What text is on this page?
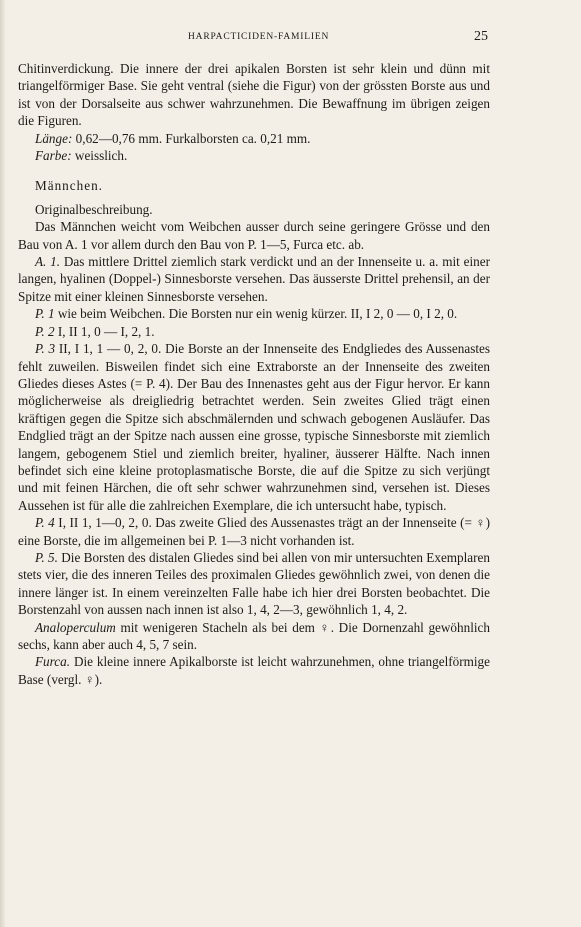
HARPACTICIDEN-FAMILIEN	25

Chitinverdickung. Die innere der drei apikalen Borsten ist sehr klein und dünn mit triangelförmiger Base. Sie geht ventral (siehe die Figur) von der grössten Borste aus und ist von der Dorsalseite aus schwer wahrzunehmen. Die Bewaffnung im übrigen zeigen die Figuren.

Länge: 0,62—0,76 mm. Furkalborsten ca. 0,21 mm.

Farbe: weisslich.

Männchen.

Originalbeschreibung.

Das Männchen weicht vom Weibchen ausser durch seine geringere Grösse und den Bau von A. 1 vor allem durch den Bau von P. 1—5, Furca etc. ab.

A. 1. Das mittlere Drittel ziemlich stark verdickt und an der Innenseite u. a. mit einer langen, hyalinen (Doppel-) Sinnesborste versehen. Das äusserste Drittel prehensil, an der Spitze mit einer kleinen Sinnesborste versehen.

P. 1 wie beim Weibchen. Die Borsten nur ein wenig kürzer. II, I 2, 0 — 0, I 2, 0.

P. 2 I, II 1, 0 — I, 2, 1.

P. 3 II, I 1, 1 — 0, 2, 0. Die Borste an der Innenseite des Endgliedes des Aussenastes fehlt zuweilen. Bisweilen findet sich eine Extraborste an der Innenseite des zweiten Gliedes dieses Astes (= P. 4). Der Bau des Innenastes geht aus der Figur hervor. Er kann möglicherweise als dreigliedrig betrachtet werden. Sein zweites Glied trägt einen kräftigen gegen die Spitze sich abschmälernden und schwach gebogenen Ausläufer. Das Endglied trägt an der Spitze nach aussen eine grosse, typische Sinnesborste mit ziemlich langem, gebogenem Stiel und ziemlich breiter, hyaliner, äusserer Hälfte. Nach innen befindet sich eine kleine protoplasmatische Borste, die auf die Spitze zu sich verjüngt und mit feinen Härchen, die oft sehr schwer wahrzunehmen sind, versehen ist. Dieses Aussehen ist für alle die zahlreichen Exemplare, die ich untersucht habe, typisch.

P. 4 I, II 1, 1—0, 2, 0. Das zweite Glied des Aussenastes trägt an der Innenseite (= ♀) eine Borste, die im allgemeinen bei P. 1—3 nicht vorhanden ist.

P. 5. Die Borsten des distalen Gliedes sind bei allen von mir untersuchten Exemplaren stets vier, die des inneren Teiles des proximalen Gliedes gewöhnlich zwei, von denen die innere länger ist. In einem vereinzelten Falle habe ich hier drei Borsten beobachtet. Die Borstenzahl von aussen nach innen ist also 1, 4, 2—3, gewöhnlich 1, 4, 2.

Analoperculum mit wenigeren Stacheln als bei dem ♀. Die Dornenzahl gewöhnlich sechs, kann aber auch 4, 5, 7 sein.

Furca. Die kleine innere Apikalborste ist leicht wahrzunehmen, ohne triangelförmige Base (vergl. ♀).
